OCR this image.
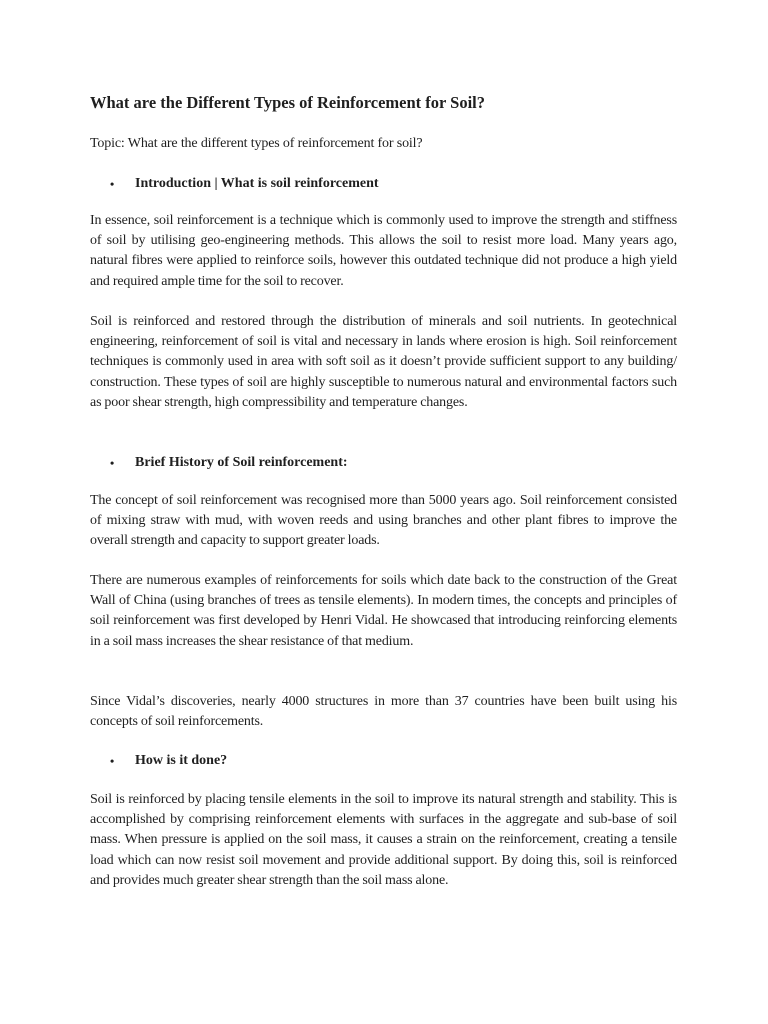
What are the Different Types of Reinforcement for Soil?

Topic: What are the different types of reinforcement for soil?

• Introduction | What is soil reinforcement

In essence, soil reinforcement is a technique which is commonly used to improve the strength and stiffness of soil by utilising geo-engineering methods. This allows the soil to resist more load. Many years ago, natural fibres were applied to reinforce soils, however this outdated technique did not produce a high yield and required ample time for the soil to recover.

Soil is reinforced and restored through the distribution of minerals and soil nutrients. In geotechnical engineering, reinforcement of soil is vital and necessary in lands where erosion is high. Soil reinforcement techniques is commonly used in area with soft soil as it doesn’t provide sufficient support to any building/ construction. These types of soil are highly susceptible to numerous natural and environmental factors such as poor shear strength, high compressibility and temperature changes.

• Brief History of Soil reinforcement:

The concept of soil reinforcement was recognised more than 5000 years ago. Soil reinforcement consisted of mixing straw with mud, with woven reeds and using branches and other plant fibres to improve the overall strength and capacity to support greater loads.

There are numerous examples of reinforcements for soils which date back to the construction of the Great Wall of China (using branches of trees as tensile elements). In modern times, the concepts and principles of soil reinforcement was first developed by Henri Vidal. He showcased that introducing reinforcing elements in a soil mass increases the shear resistance of that medium.

Since Vidal’s discoveries, nearly 4000 structures in more than 37 countries have been built using his concepts of soil reinforcements.

• How is it done?

Soil is reinforced by placing tensile elements in the soil to improve its natural strength and stability. This is accomplished by comprising reinforcement elements with surfaces in the aggregate and sub-base of soil mass. When pressure is applied on the soil mass, it causes a strain on the reinforcement, creating a tensile load which can now resist soil movement and provide additional support. By doing this, soil is reinforced and provides much greater shear strength than the soil mass alone.
